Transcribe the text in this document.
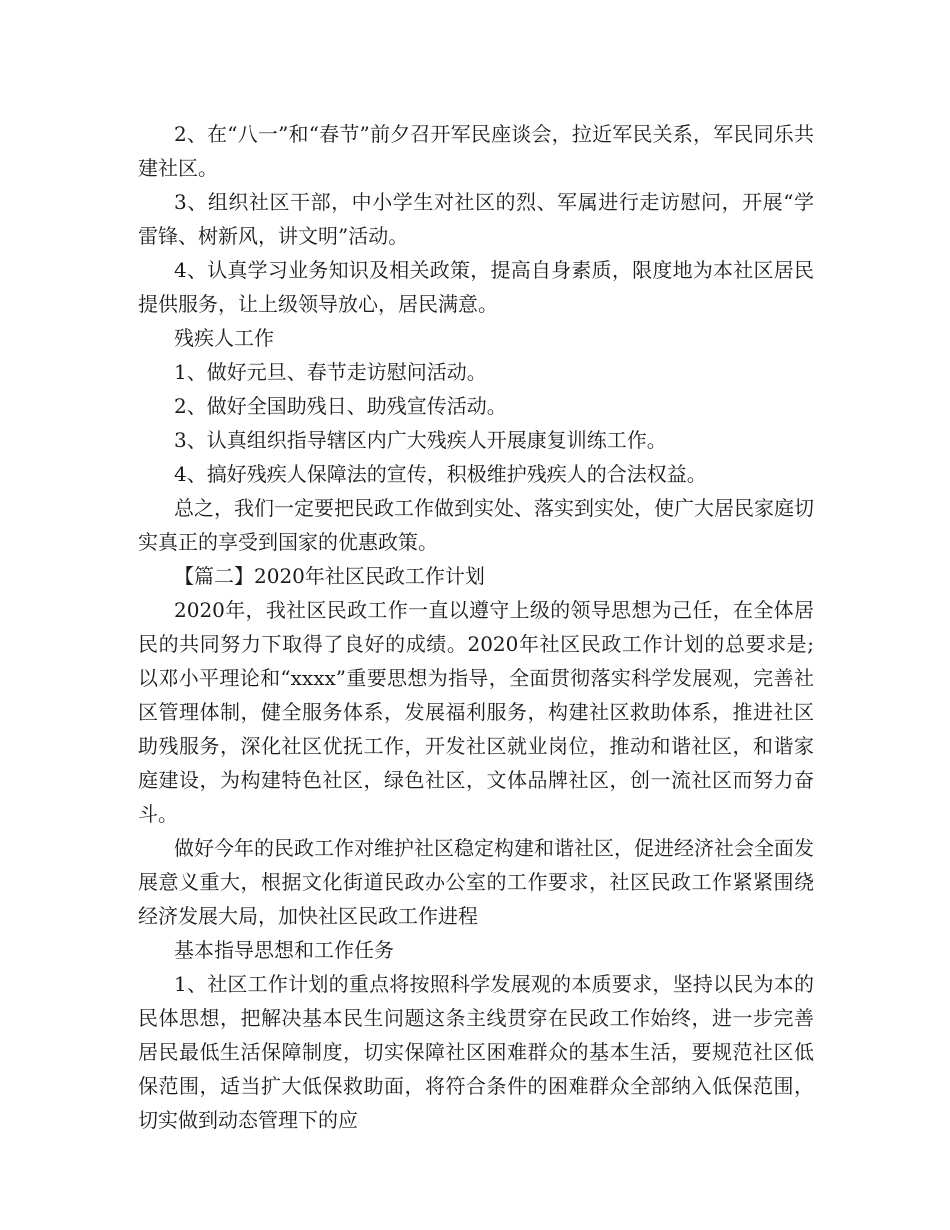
2、在“八一”和“春节”前夕召开军民座谈会，拉近军民关系，军民同乐共建社区。

3、组织社区干部，中小学生对社区的烈、军属进行走访慰问，开展“学雷锋、树新风，讲文明”活动。

4、认真学习业务知识及相关政策，提高自身素质，限度地为本社区居民提供服务，让上级领导放心，居民满意。

残疾人工作

1、做好元旦、春节走访慰问活动。

2、做好全国助残日、助残宣传活动。

3、认真组织指导辖区内广大残疾人开展康复训练工作。

4、搞好残疾人保障法的宣传，积极维护残疾人的合法权益。

总之，我们一定要把民政工作做到实处、落实到实处，使广大居民家庭切实真正的享受到国家的优惠政策。

【篇二】2020年社区民政工作计划

2020年，我社区民政工作一直以遵守上级的领导思想为己任，在全体居民的共同努力下取得了良好的成绩。2020年社区民政工作计划的总要求是;以邓小平理论和“xxxx”重要思想为指导，全面贯彻落实科学发展观，完善社区管理体制，健全服务体系，发展福利服务，构建社区救助体系，推进社区助残服务，深化社区优抚工作，开发社区就业岗位，推动和谐社区，和谐家庭建设，为构建特色社区，绿色社区，文体品牌社区，创一流社区而努力奋斗。

做好今年的民政工作对维护社区稳定构建和谐社区，促进经济社会全面发展意义重大，根据文化街道民政办公室的工作要求，社区民政工作紧紧围绕经济发展大局，加快社区民政工作进程

基本指导思想和工作任务

1、社区工作计划的重点将按照科学发展观的本质要求，坚持以民为本的民体思想，把解决基本民生问题这条主线贯穿在民政工作始终，进一步完善居民最低生活保障制度，切实保障社区困难群众的基本生活，要规范社区低保范围，适当扩大低保救助面，将符合条件的困难群众全部纳入低保范围，切实做到动态管理下的应
